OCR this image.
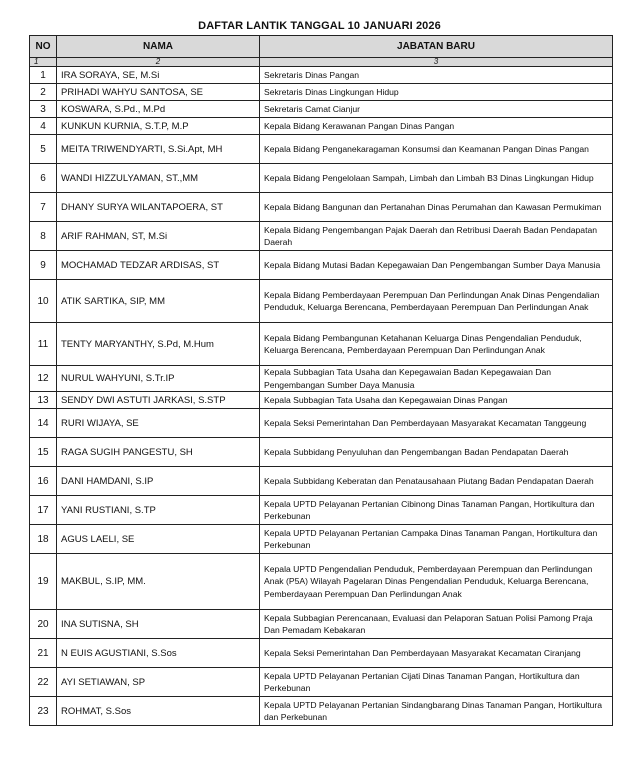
DAFTAR LANTIK TANGGAL 10 JANUARI 2026
NO	NAMA	JABATAN BARU
1	2	3
1	IRA SORAYA, SE, M.Si	Sekretaris Dinas Pangan
2	PRIHADI WAHYU SANTOSA, SE	Sekretaris Dinas Lingkungan Hidup
3	KOSWARA, S.Pd., M.Pd	Sekretaris Camat Cianjur
4	KUNKUN KURNIA, S.T.P, M.P	Kepala Bidang Kerawanan Pangan Dinas Pangan
5	MEITA TRIWENDYARTI, S.Si.Apt, MH	Kepala Bidang Penganekaragaman Konsumsi dan Keamanan Pangan Dinas Pangan
6	WANDI HIZZULYAMAN, ST.,MM	Kepala Bidang Pengelolaan Sampah, Limbah dan Limbah B3 Dinas Lingkungan Hidup
7	DHANY SURYA WILANTAPOERA, ST	Kepala Bidang Bangunan dan Pertanahan Dinas Perumahan dan Kawasan Permukiman
8	ARIF RAHMAN, ST, M.Si	Kepala Bidang Pengembangan Pajak Daerah dan Retribusi Daerah Badan Pendapatan Daerah
9	MOCHAMAD TEDZAR ARDISAS, ST	Kepala Bidang Mutasi Badan Kepegawaian Dan Pengembangan Sumber Daya Manusia
10	ATIK SARTIKA, SIP, MM	Kepala Bidang Pemberdayaan Perempuan Dan Perlindungan Anak Dinas Pengendalian Penduduk, Keluarga Berencana, Pemberdayaan Perempuan Dan Perlindungan Anak
11	TENTY MARYANTHY, S.Pd, M.Hum	Kepala Bidang Pembangunan Ketahanan Keluarga Dinas Pengendalian Penduduk, Keluarga Berencana, Pemberdayaan Perempuan Dan Perlindungan Anak
12	NURUL WAHYUNI, S.Tr.IP	Kepala Subbagian Tata Usaha dan Kepegawaian Badan Kepegawaian Dan Pengembangan Sumber Daya Manusia
13	SENDY DWI ASTUTI JARKASI, S.STP	Kepala Subbagian Tata Usaha dan Kepegawaian Dinas Pangan
14	RURI WIJAYA, SE	Kepala Seksi Pemerintahan Dan Pemberdayaan Masyarakat Kecamatan Tanggeung
15	RAGA SUGIH PANGESTU, SH	Kepala Subbidang Penyuluhan dan Pengembangan Badan Pendapatan Daerah
16	DANI HAMDANI, S.IP	Kepala Subbidang Keberatan dan Penatausahaan Piutang Badan Pendapatan Daerah
17	YANI RUSTIANI, S.TP	Kepala UPTD Pelayanan Pertanian Cibinong Dinas Tanaman Pangan, Hortikultura dan Perkebunan
18	AGUS LAELI, SE	Kepala UPTD Pelayanan Pertanian Campaka Dinas Tanaman Pangan, Hortikultura dan Perkebunan
19	MAKBUL, S.IP, MM.	Kepala UPTD Pengendalian Penduduk, Pemberdayaan Perempuan dan Perlindungan Anak (P5A) Wilayah Pagelaran Dinas Pengendalian Penduduk, Keluarga Berencana, Pemberdayaan Perempuan Dan Perlindungan Anak
20	INA SUTISNA, SH	Kepala Subbagian Perencanaan, Evaluasi dan Pelaporan Satuan Polisi Pamong Praja Dan Pemadam Kebakaran
21	N EUIS AGUSTIANI, S.Sos	Kepala Seksi Pemerintahan Dan Pemberdayaan Masyarakat Kecamatan Ciranjang
22	AYI SETIAWAN, SP	Kepala UPTD Pelayanan Pertanian Cijati Dinas Tanaman Pangan, Hortikultura dan Perkebunan
23	ROHMAT, S.Sos	Kepala UPTD Pelayanan Pertanian Sindangbarang Dinas Tanaman Pangan, Hortikultura dan Perkebunan
